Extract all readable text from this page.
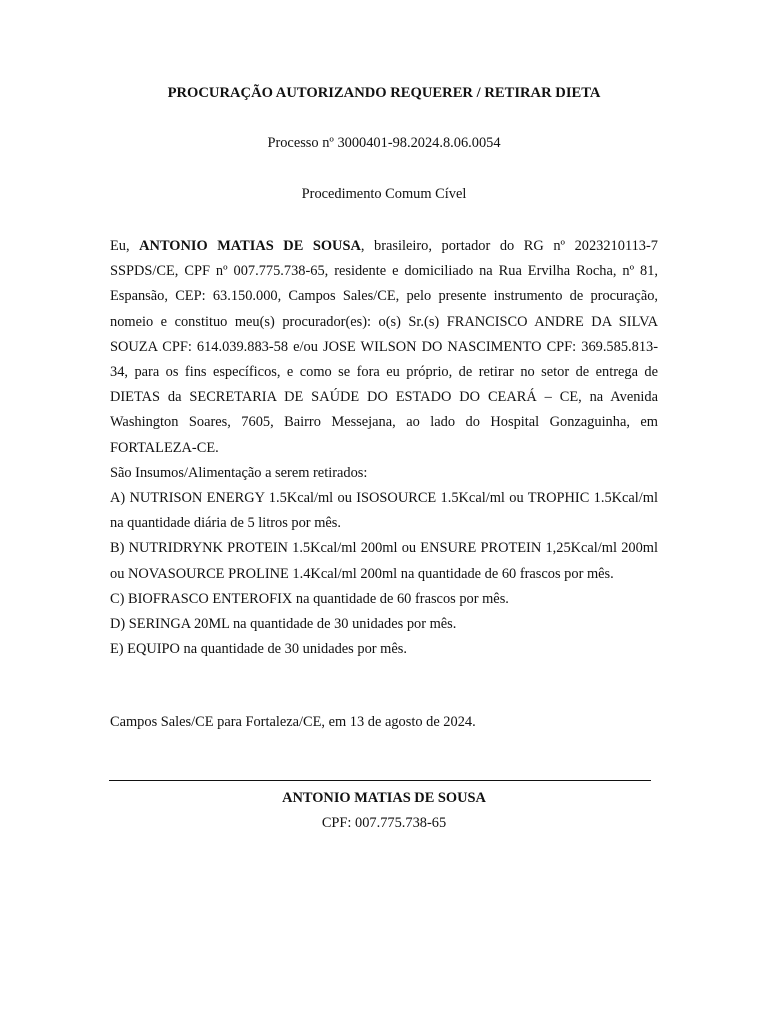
PROCURAÇÃO AUTORIZANDO REQUERER / RETIRAR DIETA
Processo nº 3000401-98.2024.8.06.0054
Procedimento Comum Cível

Eu, ANTONIO MATIAS DE SOUSA, brasileiro, portador do RG nº 2023210113-7 SSPDS/CE, CPF nº 007.775.738-65, residente e domiciliado na Rua Ervilha Rocha, nº 81, Espansão, CEP: 63.150.000, Campos Sales/CE, pelo presente instrumento de procuração, nomeio e constituo meu(s) procurador(es): o(s) Sr.(s) FRANCISCO ANDRE DA SILVA SOUZA CPF: 614.039.883-58 e/ou JOSE WILSON DO NASCIMENTO CPF: 369.585.813-34, para os fins específicos, e como se fora eu próprio, de retirar no setor de entrega de DIETAS da SECRETARIA DE SAÚDE DO ESTADO DO CEARÁ – CE, na Avenida Washington Soares, 7605, Bairro Messejana, ao lado do Hospital Gonzaguinha, em FORTALEZA-CE.

São Insumos/Alimentação a serem retirados:

A) NUTRISON ENERGY 1.5Kcal/ml ou ISOSOURCE 1.5Kcal/ml ou TROPHIC 1.5Kcal/ml na quantidade diária de 5 litros por mês.

B) NUTRIDRYNK PROTEIN 1.5Kcal/ml 200ml ou ENSURE PROTEIN 1,25Kcal/ml 200ml ou NOVASOURCE PROLINE 1.4Kcal/ml 200ml na quantidade de 60 frascos por mês.

C) BIOFRASCO ENTEROFIX na quantidade de 60 frascos por mês.

D) SERINGA 20ML na quantidade de 30 unidades por mês.

E) EQUIPO na quantidade de 30 unidades por mês.

Campos Sales/CE para Fortaleza/CE, em 13 de agosto de 2024.
ANTONIO MATIAS DE SOUSA
CPF: 007.775.738-65
